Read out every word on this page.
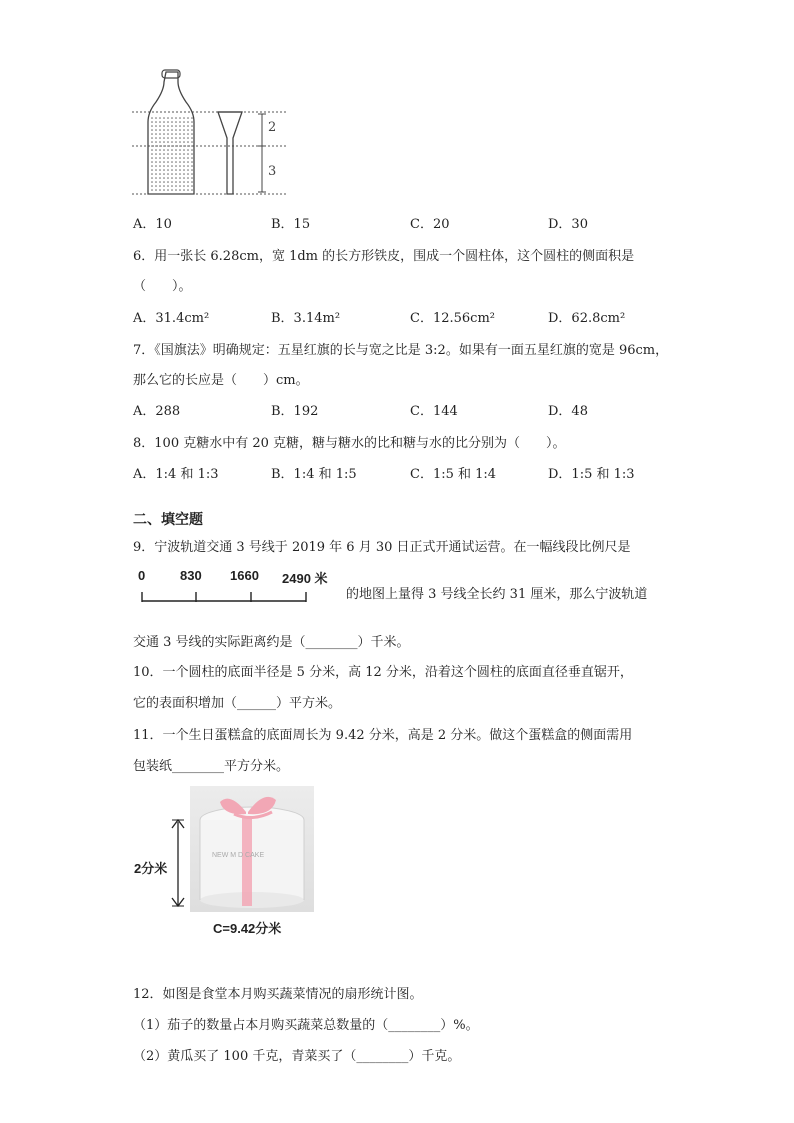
2
3
A．10	B．15	C．20	D．30
6．用一张长 6.28cm，宽 1dm 的长方形铁皮，围成一个圆柱体，这个圆柱的侧面积是
（　　）。
A．31.4cm²	B．3.14m²	C．12.56cm²	D．62.8cm²
7．《国旗法》明确规定：五星红旗的长与宽之比是 3:2。如果有一面五星红旗的宽是 96cm，
那么它的长应是（　　）cm。
A．288	B．192	C．144	D．48
8．100 克糖水中有 20 克糖，糖与糖水的比和糖与水的比分别为（　　）。
A．1:4 和 1:3	B．1:4 和 1:5	C．1:5 和 1:4	D．1:5 和 1:3
二、填空题
9．宁波轨道交通 3 号线于 2019 年 6 月 30 日正式开通试运营。在一幅线段比例尺是
0	830 1660 2490 米
的地图上量得 3 号线全长约 31 厘米，那么宁波轨道
交通 3 号线的实际距离约是（________）千米。
10．一个圆柱的底面半径是 5 分米，高 12 分米，沿着这个圆柱的底面直径垂直锯开，
它的表面积增加（______）平方米。
11．一个生日蛋糕盒的底面周长为 9.42 分米，高是 2 分米。做这个蛋糕盒的侧面需用
包装纸________平方分米。
NEW M D CAKE
2分米
C=9.42分米
12．如图是食堂本月购买蔬菜情况的扇形统计图。
（1）茄子的数量占本月购买蔬菜总数量的（________）%。
（2）黄瓜买了 100 千克，青菜买了（________）千克。
